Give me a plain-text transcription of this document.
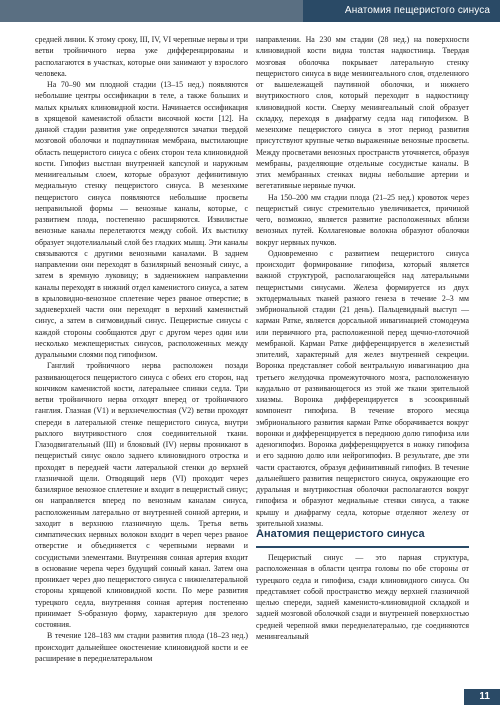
Анатомия пещеристого синуса

средней линии. К этому сроку, III, IV, VI черепные нервы и три ветви тройничного нерва уже дифференцированы и располагаются в участках, которые они занимают у взрослого человека.

На 70–90 мм плодной стадии (13–15 нед.) появляются небольшие центры оссификации в теле, а также больших и малых крыльях клиновидной кости. Начинается оссификация в хрящевой каменистой области височной кости [12]. На данной стадии развития уже определяются зачатки твердой мозговой оболочки и подпаутинная мембрана, выстилающие область пещеристого синуса с обеих сторон тела клиновидной кости. Гипофиз выстлан внутренней капсулой и наружным мениигеальным слоем, которые образуют дефинитивную медиальную стенку пещеристого синуса. В мезенхиме пещеристого синуса появляются небольшие просветы неправильной формы — венозные каналы, которые, с развитием плода, постепенно расширяются. Извилистые венозные каналы перелетаются между собой. Их выстилку образует эндотелиальный слой без гладких мышц. Эти каналы связываются с другими венозными каналами. В заднем направлении они переходят в базилярный венозный синус, а затем в яремную луковицу; в задненижнем направлении каналы переходят в нижний отдел каменистого синуса, а затем в крыловидно-венозное сплетение через рваное отверстие; в задневерхней части они переходят в верхний каменистый синус, а затем в сигмовидный синус. Пещеристые синусы с каждой стороны сообщаются друг с другом через один или несколько межпещеристых синусов, расположенных между дуральными слоями под гипофизом.

Ганглий тройничного нерва расположен позади развивающегося пещеристого синуса с обеих его сторон, над кончиком каменистой кости, латеральнее спинки седла. Три ветви тройничного нерва отходят вперед от тройничного ганглия. Глазная (V1) и верхнечелюстная (V2) ветви проходят спереди в латеральной стенке пещеристого синуса, внутри рыхлого внутрикостного слоя соединительной ткани. Глазодвигательный (III) и блоковый (IV) нервы проникают в пещеристый синус около заднего клиновидного отростка и проходят в передней части латеральной стенки до верхней глазничной щели. Отводящий нерв (VI) проходит через базилярное венозное сплетение и входит в пещеристый синус; он направляется вперед по венозным каналам синуса, расположенным латерально от внутренней сонной артерии, и заходит в верхнюю глазничную щель. Третья ветвь симпатических нервных волокон входит в череп через рваное отверстие и объединяется с черепными нервами и сосудистыми элементами. Внутренняя сонная артерия входит в основание черепа через будущий сонный канал. Затем она проникает через дно пещеристого синуса с нижнелатеральной стороны хрящевой клиновидной кости. По мере развития турецкого седла, внутренняя сонная артерия постепенно принимает S-образную форму, характерную для зрелого состояния.

В течение 128–183 мм стадии развития плода (18–23 нед.) происходит дальнейшее окостенение клиновидной кости и ее расширение в переднелатеральном

направлении. На 230 мм стадии (28 нед.) на поверхности клиновидной кости видна толстая надкостница. Твердая мозговая оболочка покрывает латеральную стенку пещеристого синуса в виде менингеального слоя, отделенного от вышележащей паутинной оболочки, и нижнего внутрикостного слоя, который переходит в надкостницу клиновидной кости. Сверху менингеальный слой образует складку, переходя в диафрагму седла над гипофизом. В мезенхиме пещеристого синуса в этот период развития присутствуют крупные четко выраженные венозные просветы. Между просветами венозных пространств уточняется, образуя мембраны, разделяющие отдельные сосудистые каналы. В этих мембранных стенках видны небольшие артерии и вегетативные нервные пучки.

На 150–200 мм стадии плода (21–25 нед.) кровоток через пещеристый синус стремительно увеличивается, причиной чего, возможно, является развитие расположенных вблизи венозных путей. Коллагеновые волокна образуют оболочки вокруг нервных пучков.

Одновременно с развитием пещеристого синуса происходит формирование гипофиза, который является важной структурой, располагающейся над латеральными пещеристыми синусами. Железа формируется из двух эктодермальных тканей разного генеза в течение 2–3 мм эмбриональной стадии (21 день). Пальцевидный выступ — карман Ратке, является дорсальной инвагинацией стомодеума или первичного рта, расположенной перед щечно-глоточной мембраной. Карман Ратке дифференцируется в железистый эпителий, характерный для желез внутренней секреции. Воронка представляет собой вентральную инвагинацию дна третьего желудочка промежуточного мозга, расположенную каудально от развивающегося из этой же ткани зрительной хиазмы. Воронка дифференцируется в эсоокринный компонент гипофиза. В течение второго месяца эмбрионального развития карман Ратке оборачивается вокруг воронки и дифференцируется в переднюю долю гипофиза или аденогипофиз. Воронка дифференцируется в ножку гипофиза и его заднюю долю или нейрогипофиз. В результате, две эти части срастаются, образуя дефинитивный гипофиз. В течение дальнейшего развития пещеристого синуса, окружающие его дуральная и внутрикостная оболочки располагаются вокруг гипофиза и образуют медиальные стенки синуса, а также крышу и диафрагму седла, которые отделяют железу от зрительной хиазмы.

Анатомия пещеристого синуса

Пещеристый синус — это парная структура, расположенная в области центра головы по обе стороны от турецкого седла и гипофиза, сзади клиновидного синуса. Он представляет собой пространство между верхней глазничной щелью спереди, задней каменисто-клиновидной складкой и задней мозговой оболочкой сзади и внутренней поверхностью средней черепной ямки переднелатерально, где соединяются менингеальный

11
